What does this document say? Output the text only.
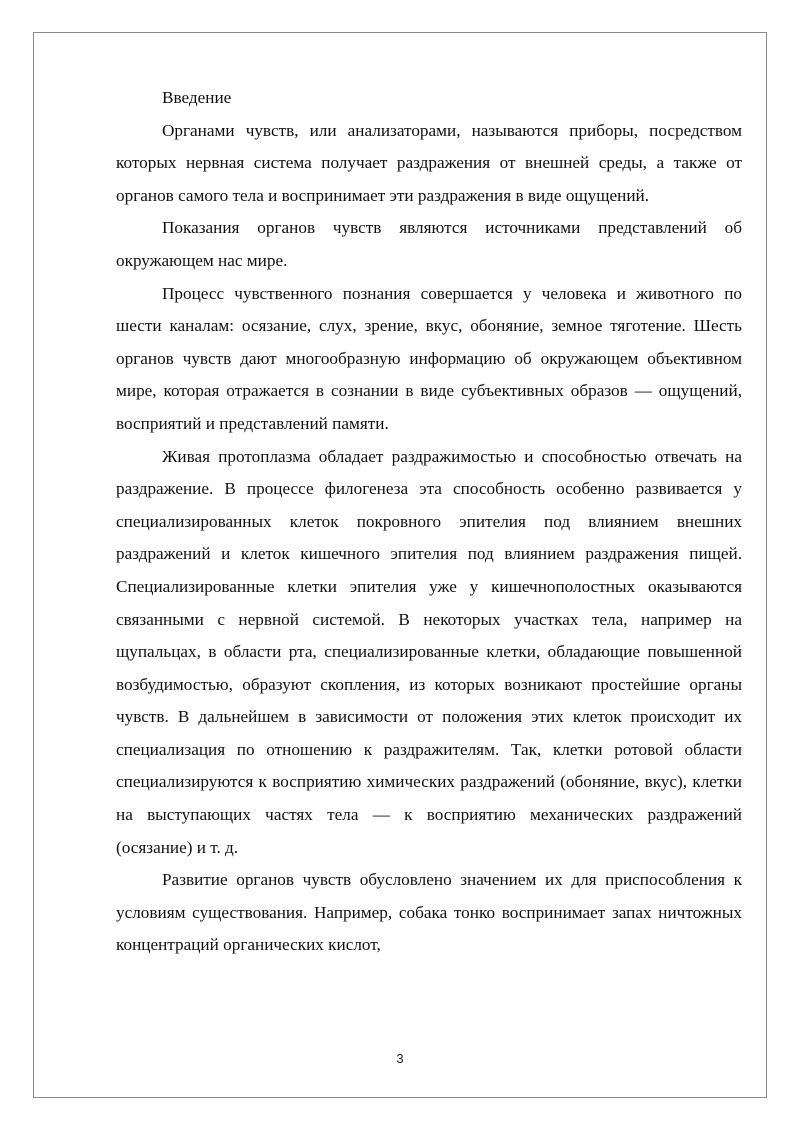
Введение

Органами чувств, или анализаторами, называются приборы, посредством которых нервная система получает раздражения от внешней среды, а также от органов самого тела и воспринимает эти раздражения в виде ощущений.

Показания органов чувств являются источниками представлений об окружающем нас мире.

Процесс чувственного познания совершается у человека и животного по шести каналам: осязание, слух, зрение, вкус, обоняние, земное тяготение. Шесть органов чувств дают многообразную информацию об окружающем объективном мире, которая отражается в сознании в виде субъективных образов — ощущений, восприятий и представлений памяти.

Живая протоплазма обладает раздражимостью и способностью отвечать на раздражение. В процессе филогенеза эта способность особенно развивается у специализированных клеток покровного эпителия под влиянием внешних раздражений и клеток кишечного эпителия под влиянием раздражения пищей. Специализированные клетки эпителия уже у кишечнополостных оказываются связанными с нервной системой. В некоторых участках тела, например на щупальцах, в области рта, специализированные клетки, обладающие повышенной возбудимостью, образуют скопления, из которых возникают простейшие органы чувств. В дальнейшем в зависимости от положения этих клеток происходит их специализация по отношению к раздражителям. Так, клетки ротовой области специализируются к восприятию химических раздражений (обоняние, вкус), клетки на выступающих частях тела — к восприятию механических раздражений (осязание) и т. д.

Развитие органов чувств обусловлено значением их для приспособления к условиям существования. Например, собака тонко воспринимает запах ничтожных концентраций органических кислот,

3
